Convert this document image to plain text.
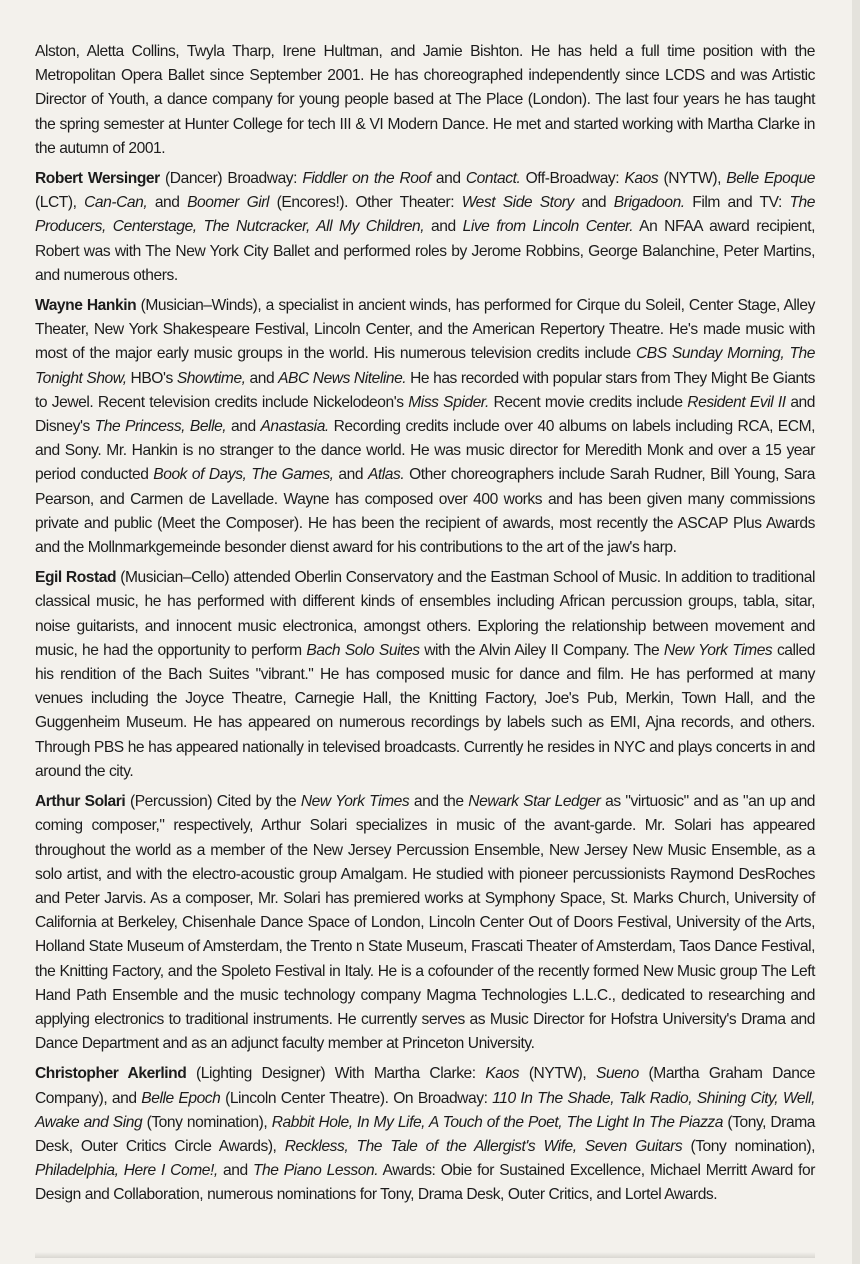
Alston, Aletta Collins, Twyla Tharp, Irene Hultman, and Jamie Bishton. He has held a full time position with the Metropolitan Opera Ballet since September 2001. He has choreographed independently since LCDS and was Artistic Director of Youth, a dance company for young people based at The Place (London). The last four years he has taught the spring semester at Hunter College for tech III & VI Modern Dance. He met and started working with Martha Clarke in the autumn of 2001.

Robert Wersinger (Dancer) Broadway: Fiddler on the Roof and Contact. Off-Broadway: Kaos (NYTW), Belle Epoque (LCT), Can-Can, and Boomer Girl (Encores!). Other Theater: West Side Story and Brigadoon. Film and TV: The Producers, Centerstage, The Nutcracker, All My Children, and Live from Lincoln Center. An NFAA award recipient, Robert was with The New York City Ballet and performed roles by Jerome Robbins, George Balanchine, Peter Martins, and numerous others.

Wayne Hankin (Musician–Winds), a specialist in ancient winds, has performed for Cirque du Soleil, Center Stage, Alley Theater, New York Shakespeare Festival, Lincoln Center, and the American Repertory Theatre. He's made music with most of the major early music groups in the world. His numerous television credits include CBS Sunday Morning, The Tonight Show, HBO's Showtime, and ABC News Niteline. He has recorded with popular stars from They Might Be Giants to Jewel. Recent television credits include Nickelodeon's Miss Spider. Recent movie credits include Resident Evil II and Disney's The Princess, Belle, and Anastasia. Recording credits include over 40 albums on labels including RCA, ECM, and Sony. Mr. Hankin is no stranger to the dance world. He was music director for Meredith Monk and over a 15 year period conducted Book of Days, The Games, and Atlas. Other choreographers include Sarah Rudner, Bill Young, Sara Pearson, and Carmen de Lavellade. Wayne has composed over 400 works and has been given many commissions private and public (Meet the Composer). He has been the recipient of awards, most recently the ASCAP Plus Awards and the Mollnmarkgemeinde besonder dienst award for his contributions to the art of the jaw's harp.

Egil Rostad (Musician–Cello) attended Oberlin Conservatory and the Eastman School of Music. In addition to traditional classical music, he has performed with different kinds of ensembles including African percussion groups, tabla, sitar, noise guitarists, and innocent music electronica, amongst others. Exploring the relationship between movement and music, he had the opportunity to perform Bach Solo Suites with the Alvin Ailey II Company. The New York Times called his rendition of the Bach Suites "vibrant." He has composed music for dance and film. He has performed at many venues including the Joyce Theatre, Carnegie Hall, the Knitting Factory, Joe's Pub, Merkin, Town Hall, and the Guggenheim Museum. He has appeared on numerous recordings by labels such as EMI, Ajna records, and others. Through PBS he has appeared nationally in televised broadcasts. Currently he resides in NYC and plays concerts in and around the city.

Arthur Solari (Percussion) Cited by the New York Times and the Newark Star Ledger as "virtuosic" and as "an up and coming composer," respectively, Arthur Solari specializes in music of the avant-garde. Mr. Solari has appeared throughout the world as a member of the New Jersey Percussion Ensemble, New Jersey New Music Ensemble, as a solo artist, and with the electro-acoustic group Amalgam. He studied with pioneer percussionists Raymond DesRoches and Peter Jarvis. As a composer, Mr. Solari has premiered works at Symphony Space, St. Marks Church, University of California at Berkeley, Chisenhale Dance Space of London, Lincoln Center Out of Doors Festival, University of the Arts, Holland State Museum of Amsterdam, the Trento n State Museum, Frascati Theater of Amsterdam, Taos Dance Festival, the Knitting Factory, and the Spoleto Festival in Italy. He is a cofounder of the recently formed New Music group The Left Hand Path Ensemble and the music technology company Magma Technologies L.L.C., dedicated to researching and applying electronics to traditional instruments. He currently serves as Music Director for Hofstra University's Drama and Dance Department and as an adjunct faculty member at Princeton University.

Christopher Akerlind (Lighting Designer) With Martha Clarke: Kaos (NYTW), Sueno (Martha Graham Dance Company), and Belle Epoch (Lincoln Center Theatre). On Broadway: 110 In The Shade, Talk Radio, Shining City, Well, Awake and Sing (Tony nomination), Rabbit Hole, In My Life, A Touch of the Poet, The Light In The Piazza (Tony, Drama Desk, Outer Critics Circle Awards), Reckless, The Tale of the Allergist's Wife, Seven Guitars (Tony nomination), Philadelphia, Here I Come!, and The Piano Lesson. Awards: Obie for Sustained Excellence, Michael Merritt Award for Design and Collaboration, numerous nominations for Tony, Drama Desk, Outer Critics, and Lortel Awards.
